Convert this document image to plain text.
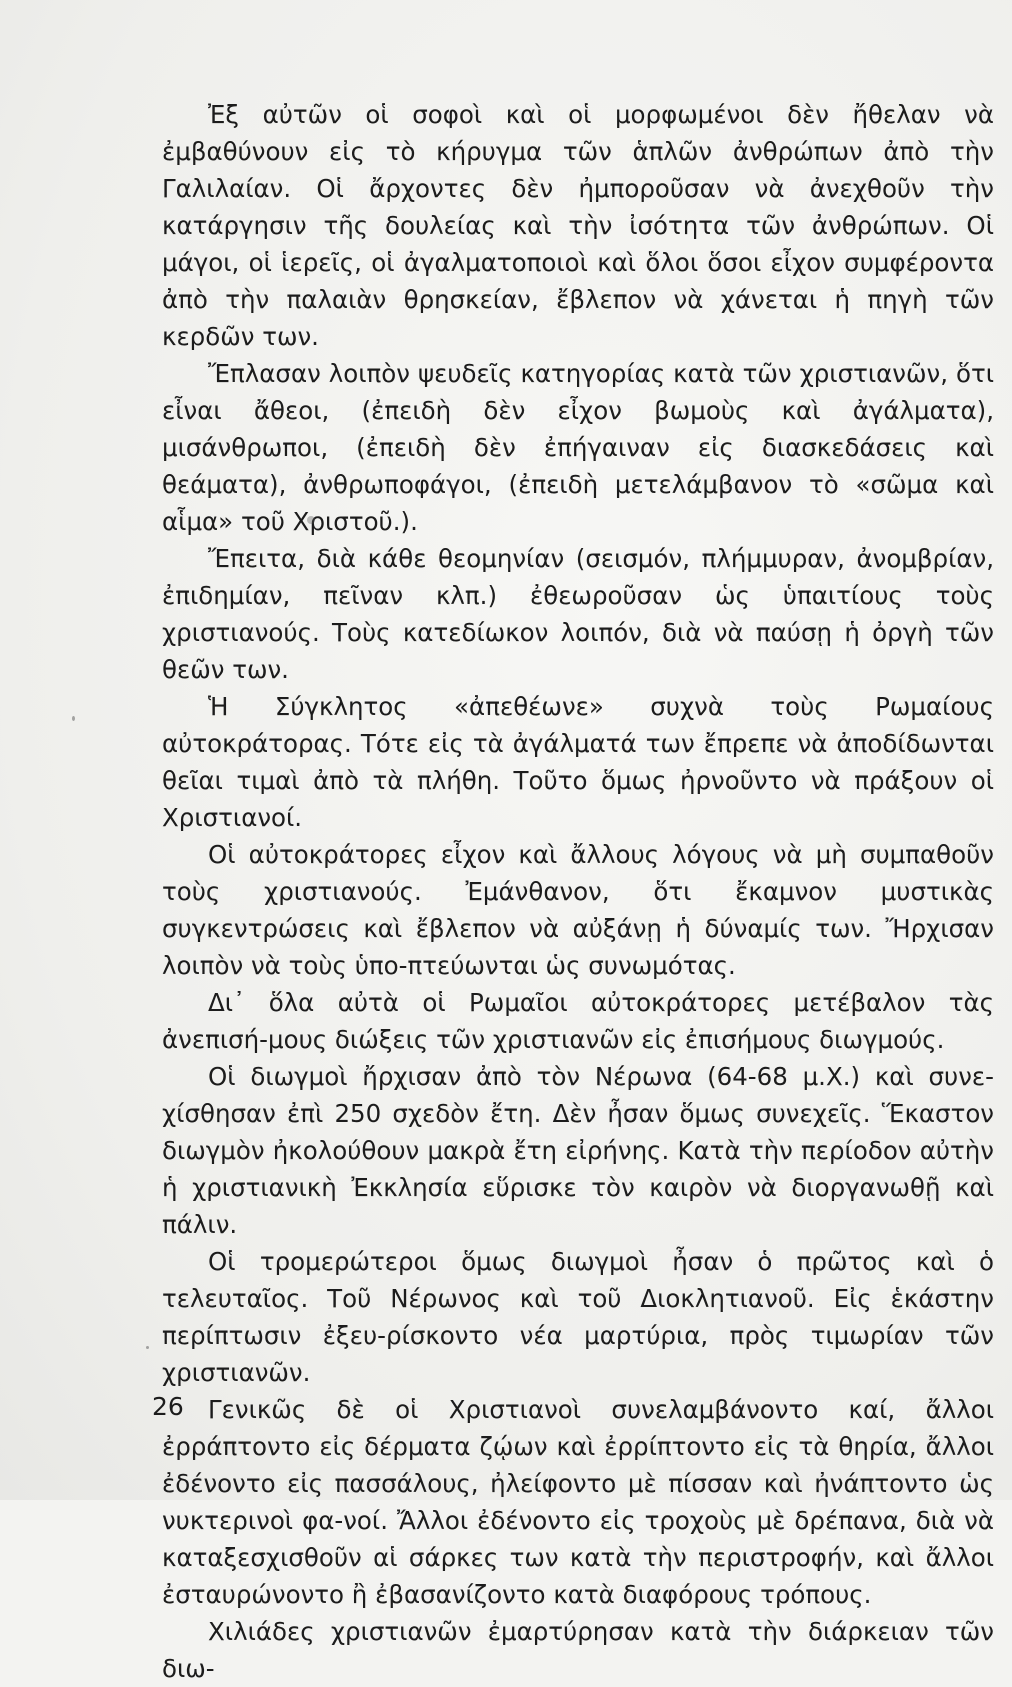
Ἐξ αὐτῶν οἱ σοφοὶ καὶ οἱ μορφωμένοι δὲν ἤθελαν νὰ ἐμβαθύνουν εἰς τὸ κήρυγμα τῶν ἁπλῶν ἀνθρώπων ἀπὸ τὴν Γαλιλαίαν. Οἱ ἄρχοντες δὲν ἠμποροῦσαν νὰ ἀνεχθοῦν τὴν κατάργησιν τῆς δουλείας καὶ τὴν ἰσότητα τῶν ἀνθρώπων. Οἱ μάγοι, οἱ ἱερεῖς, οἱ ἀγαλματοποιοὶ καὶ ὅλοι ὅσοι εἶχον συμφέροντα ἀπὸ τὴν παλαιὰν θρησκείαν, ἔβλεπον νὰ χάνεται ἡ πηγὴ τῶν κερδῶν των.

Ἔπλασαν λοιπὸν ψευδεῖς κατηγορίας κατὰ τῶν χριστιανῶν, ὅτι εἶναι ἄθεοι, (ἐπειδὴ δὲν εἶχον βωμοὺς καὶ ἀγάλματα), μισάνθρωποι, (ἐπειδὴ δὲν ἐπήγαιναν εἰς διασκεδάσεις καὶ θεάματα), ἀνθρωποφάγοι, (ἐπειδὴ μετελάμβανον τὸ «σῶμα καὶ αἷμα» τοῦ Χριστοῦ.).

Ἔπειτα, διὰ κάθε θεομηνίαν (σεισμόν, πλήμμυραν, ἀνομβρίαν, ἐπιδημίαν, πεῖναν κλπ.) ἐθεωροῦσαν ὡς ὑπαιτίους τοὺς χριστιανούς. Τοὺς κατεδίωκον λοιπόν, διὰ νὰ παύσῃ ἡ ὀργὴ τῶν θεῶν των.

Ἡ Σύγκλητος «ἀπεθέωνε» συχνὰ τοὺς Ρωμαίους αὐτοκράτορας. Τότε εἰς τὰ ἀγάλματά των ἔπρεπε νὰ ἀποδίδωνται θεῖαι τιμαὶ ἀπὸ τὰ πλήθη. Τοῦτο ὅμως ἠρνοῦντο νὰ πράξουν οἱ Χριστιανοί.

Οἱ αὐτοκράτορες εἶχον καὶ ἄλλους λόγους νὰ μὴ συμπαθοῦν τοὺς χριστιανούς. Ἐμάνθανον, ὅτι ἔκαμνον μυστικὰς συγκεντρώσεις καὶ ἔβλεπον νὰ αὐξάνῃ ἡ δύναμίς των. Ἤρχισαν λοιπὸν νὰ τοὺς ὑπο-πτεύωνται ὡς συνωμότας.

Δι᾿ ὅλα αὐτὰ οἱ Ρωμαῖοι αὐτοκράτορες μετέβαλον τὰς ἀνεπισή-μους διώξεις τῶν χριστιανῶν εἰς ἐπισήμους διωγμούς.

Οἱ διωγμοὶ ἤρχισαν ἀπὸ τὸν Νέρωνα (64-68 μ.Χ.) καὶ συνε-χίσθησαν ἐπὶ 250 σχεδὸν ἔτη. Δὲν ἦσαν ὅμως συνεχεῖς. Ἕκαστον διωγμὸν ἠκολούθουν μακρὰ ἔτη εἰρήνης. Κατὰ τὴν περίοδον αὐτὴν ἡ χριστιανικὴ Ἐκκλησία εὕρισκε τὸν καιρὸν νὰ διοργανωθῇ καὶ πάλιν.

Οἱ τρομερώτεροι ὅμως διωγμοὶ ἦσαν ὁ πρῶτος καὶ ὁ τελευταῖος. Τοῦ Νέρωνος καὶ τοῦ Διοκλητιανοῦ. Εἰς ἑκάστην περίπτωσιν ἐξευ-ρίσκοντο νέα μαρτύρια, πρὸς τιμωρίαν τῶν χριστιανῶν.

Γενικῶς δὲ οἱ Χριστιανοὶ συνελαμβάνοντο καί, ἄλλοι ἐρράπτοντο εἰς δέρματα ζῴων καὶ ἐρρίπτοντο εἰς τὰ θηρία, ἄλλοι ἐδένοντο εἰς πασσάλους, ἠλείφοντο μὲ πίσσαν καὶ ἠνάπτοντο ὡς νυκτερινοὶ φα-νοί. Ἄλλοι ἐδένοντο εἰς τροχοὺς μὲ δρέπανα, διὰ νὰ καταξεσχισθοῦν αἱ σάρκες των κατὰ τὴν περιστροφήν, καὶ ἄλλοι ἐσταυρώνοντο ἢ ἐβασανίζοντο κατὰ διαφόρους τρόπους.

Χιλιάδες χριστιανῶν ἐμαρτύρησαν κατὰ τὴν διάρκειαν τῶν διω-

26
